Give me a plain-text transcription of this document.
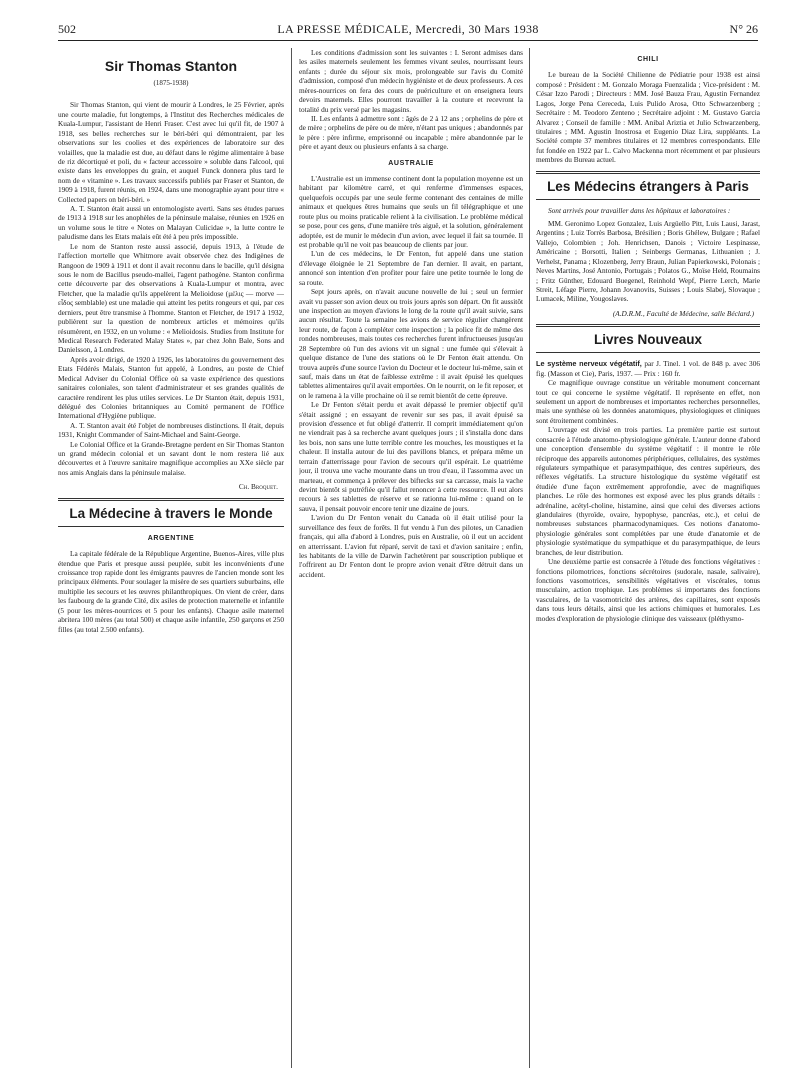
502	LA PRESSE MÉDICALE, Mercredi, 30 Mars 1938	N° 26
Sir Thomas Stanton
(1875-1938)

Sir Thomas Stanton, qui vient de mourir à Londres, le 25 Février, après une courte maladie, fut longtemps, à l'Institut des Recherches médicales de Kuala-Lumpur, l'assistant de Henri Fraser. C'est avec lui qu'il fit, de 1907 à 1918, ses belles recherches sur le béri-béri qui démontraient, par les observations sur les coolies et des expériences de laboratoire sur des volailles, que la maladie est due, au défaut dans le régime alimentaire à base de riz décortiqué et poli, du « facteur accessoire » soluble dans l'alcool, qui existe dans les enveloppes du grain, et auquel Funck donnera plus tard le nom de « vitamine ». Les travaux successifs publiés par Fraser et Stanton, de 1909 à 1918, furent réunis, en 1924, dans une monographie ayant pour titre « Collected papers on béri-béri. »

A. T. Stanton était aussi un entomologiste averti. Sans ses études parues de 1913 à 1918 sur les anophèles de la péninsule malaise, réunies en 1926 en un volume sous le titre « Notes on Malayan Culicidae », la lutte contre le paludisme dans les Etats malais eût été à peu près impossible.

Le nom de Stanton reste aussi associé, depuis 1913, à l'étude de l'affection mortelle que Whitmore avait observée chez des Indigènes de Rangoon de 1909 à 1911 et dont il avait reconnu dans le bacille, qu'il désigna sous le nom de Bacillus pseudo-mallei, l'agent pathogène. Stanton confirma cette découverte par des observations à Kuala-Lumpur et montra, avec Fletcher, que la maladie qu'ils appelèrent la Melioidose (μέλις — morve — εἶδος semblable) est une maladie qui atteint les petits rongeurs et qui, par ces derniers, peut être transmise à l'homme. Stanton et Fletcher, de 1917 à 1932, publièrent sur la question de nombreux articles et mémoires qu'ils résumèrent, en 1932, en un volume : « Melioidosis. Studies from Institute for Medical Research Federated Malay States », par chez John Bale, Sons and Danielsson, à Londres.

Après avoir dirigé, de 1920 à 1926, les laboratoires du gouvernement des Etats Fédérés Malais, Stanton fut appelé, à Londres, au poste de Chief Medical Adviser du Colonial Office où sa vaste expérience des questions sanitaires coloniales, son talent d'administrateur et ses grandes qualités de caractère rendirent les plus utiles services. Le Dr Stanton était, depuis 1931, délégué des Colonies britanniques au Comité permanent de l'Office International d'Hygiène publique.

A. T. Stanton avait été l'objet de nombreuses distinctions. Il était, depuis 1931, Knight Commander of Saint-Michael and Saint-George.

Le Colonial Office et la Grande-Bretagne perdent en Sir Thomas Stanton un grand médecin colonial et un savant dont le nom restera lié aux découvertes et à l'œuvre sanitaire magnifique accomplies au XXe siècle par nos amis Anglais dans la péninsule malaise.

Ch. Broquet.
La Médecine à travers le Monde
ARGENTINE

La capitale fédérale de la République Argentine, Buenos-Aires, ville plus étendue que Paris et presque aussi peuplée, subit les inconvénients d'une croissance trop rapide dont les émigrants pauvres de l'ancien monde sont les principaux éléments. Pour soulager la misère de ses quartiers suburbains, elle multiplie les secours et les œuvres philanthropiques. On vient de créer, dans les faubourg de la grande Cité, dix asiles de protection maternelle et infantile (5 pour les mères-nourrices et 5 pour les enfants). Chaque asile maternel abritera 100 mères (au total 500) et chaque asile infantile, 250 garçons et 250 filles (au total 2.500 enfants).

Les conditions d'admission sont les suivantes : I. Seront admises dans les asiles maternels seulement les femmes vivant seules, nourrissant leurs enfants ; durée du séjour six mois, prolongeable sur l'avis du Comité d'admission, composé d'un médecin hygiéniste et de deux professeurs. A ces mères-nourrices on fera des cours de puériculture et on enseignera leurs devoirs maternels. Elles pourront travailler à la couture et recevront la totalité du prix versé par les magasins.

II. Les enfants à admettre sont : âgés de 2 à 12 ans ; orphelins de père et de mère ; orphelins de père ou de mère, n'étant pas uniques ; abandonnés par le père : père infirme, emprisonné ou incapable ; mère abandonnée par le père et ayant deux ou plusieurs enfants à sa charge.

AUSTRALIE

L'Australie est un immense continent dont la population moyenne est un habitant par kilomètre carré, et qui renferme d'immenses espaces, quelquefois occupés par une seule ferme contenant des centaines de mille animaux et quelques êtres humains que seuls un fil télégraphique et une route plus ou moins praticable relient à la civilisation. Le problème médical se pose, pour ces gens, d'une manière très aiguë, et la solution, généralement adoptée, est de munir le médecin d'un avion, avec lequel il fait sa tournée. Il est probable qu'il ne voit pas beaucoup de clients par jour.

L'un de ces médecins, le Dr Fenton, fut appelé dans une station d'élevage éloignée le 21 Septembre de l'an dernier. Il avait, en partant, annoncé son intention d'en profiter pour faire une petite tournée le long de sa route.

Sept jours après, on n'avait aucune nouvelle de lui ; seul un fermier avait vu passer son avion deux ou trois jours après son départ. On fit aussitôt une inspection au moyen d'avions le long de la route qu'il avait suivie, sans aucun résultat. Toute la semaine les avions de service régulier changèrent leur route, de façon à compléter cette inspection ; la police fit de même des rondes nombreuses, mais toutes ces recherches furent infructueuses jusqu'au 28 Septembre où l'un des avions vit un signal : une fumée qui s'élevait à quelque distance de l'une des stations où le Dr Fenton était attendu. On trouva auprès d'une source l'avion du Docteur et le docteur lui-même, sain et sauf, mais dans un état de faiblesse extrême : il avait épuisé les quelques tablettes alimentaires qu'il avait emportées. On le nourrit, on le fit reposer, et on le ramena à la ville prochaine où il se remit bientôt de cette épreuve.

Le Dr Fenton s'était perdu et avait dépassé le premier objectif qu'il s'était assigné ; en essayant de revenir sur ses pas, il avait épuisé sa provision d'essence et fut obligé d'atterrir. Il comprit immédiatement qu'on ne viendrait pas à sa recherche avant quelques jours ; il s'installa donc dans les bois, non sans une lutte terrible contre les mouches, les moustiques et la chaleur. Il installa autour de lui des pavillons blancs, et prépara même un terrain d'atterrissage pour l'avion de secours qu'il espérait. Le quatrième jour, il trouva une vache mourante dans un trou d'eau, il l'assomma avec un marteau, et commença à prélever des biftecks sur sa carcasse, mais la vache devint bientôt si putréfiée qu'il fallut renoncer à cette ressource. Il eut alors recours à ses tablettes de réserve et se rationna lui-même : quand on le sauva, il pensait pouvoir encore tenir une dizaine de jours.

L'avion du Dr Fenton venait du Canada où il était utilisé pour la surveillance des feux de forêts. Il fut vendu à l'un des pilotes, un Canadien français, qui alla d'abord à Londres, puis en Australie, où il eut un accident en atterrissant. L'avion fut réparé, servit de taxi et d'avion sanitaire ; enfin, les habitants de la ville de Darwin l'achetèrent par souscription publique et l'offrirent au Dr Fenton dont le propre avion venait d'être détruit dans un accident.

CHILI

Le bureau de la Société Chilienne de Pédiatrie pour 1938 est ainsi composé : Président : M. Gonzalo Moraga Fuenzalida ; Vice-président : M. César Izzo Parodi ; Directeurs : MM. José Bauza Frau, Agustin Fernandez Lagos, Jorge Pena Cereceda, Luis Pulido Arosa, Otto Schwarzenberg ; Secrétaire : M. Teodoro Zenteno ; Secrétaire adjoint : M. Gustavo Garcia Alvarez ; Conseil de famille : MM. Anibal Ariztia et Julio Schwarzenberg, titulaires ; MM. Agustin Inostrosa et Eugenio Diaz Lira, suppléants. La Société compte 37 membres titulaires et 12 membres correspondants. Elle fut fondée en 1922 par L. Calvo Mackenna mort récemment et par plusieurs membres du Bureau actuel.

Les Médecins étrangers à Paris

Sont arrivés pour travailler dans les hôpitaux et laboratoires :

MM. Geronimo Lopez Gonzalez, Luis Argüello Pitt, Luis Lausi, Jarast, Argentins ; Luiz Torrès Barbosa, Brésilien ; Boris Ghélew, Bulgare ; Rafael Vallejo, Colombien ; Joh. Henrichsen, Danois ; Victoire Lespinasse, Américaine ; Borsotti, Italien ; Seinbergs Germanas, Lithuanien ; J. Verhelst, Panama ; Klozenberg, Jerry Braun, Julian Papierkowski, Polonais ; Neves Martins, José Antonio, Portugais ; Polatos G., Moïse Held, Roumains ; Fritz Günther, Edouard Buegenel, Reinhold Wepf, Pierre Lerch, Marie Streit, Léfage Pierre, Johann Jovanovits, Suisses ; Louis Slabej, Slovaque ; Lumacek, Miline, Yougoslaves.

(A.D.R.M., Faculté de Médecine, salle Béclard.)
Livres Nouveaux

Le système nerveux végétatif, par J. Tinel. 1 vol. de 848 p. avec 306 fig. (Masson et Cie), Paris, 1937. — Prix : 160 fr.

Ce magnifique ouvrage constitue un véritable monument concernant tout ce qui concerne le système végétatif. Il représente en effet, non seulement un apport de nombreuses et importantes recherches personnelles, mais une synthèse où les données anatomiques, physiologiques et cliniques sont étroitement combinées.

L'ouvrage est divisé en trois parties. La première partie est surtout consacrée à l'étude anatomo-physiologique générale. L'auteur donne d'abord une conception d'ensemble du système végétatif : il montre le rôle réciproque des appareils autonomes périphériques, cellulaires, des systèmes régulateurs sympathique et parasympathique, des centres supérieurs, des réflexes végétatifs. La structure histologique du système végétatif est étudiée d'une façon extrêmement approfondie, avec de magnifiques planches. Le rôle des hormones est exposé avec les plus grands détails : adrénaline, acétyl-choline, histamine, ainsi que celui des diverses actions glandulaires (thyroïde, ovaire, hypophyse, pancréas, etc.), et celui de nombreuses substances pharmacodynamiques. Ces notions d'anatomo-physiologie générales sont complétées par une étude d'anatomie et de physiologie systématique du sympathique et du parasympathique, de leurs branches, de leur distribution.

Une deuxième partie est consacrée à l'étude des fonctions végétatives : fonctions pilomotrices, fonctions sécrétoires (sudorale, nasale, salivaire), fonctions vasomotrices, sensibilités végétatives et viscérales, tonus musculaire, action trophique. Les problèmes si importants des fonctions vasculaires, de la vasomotricité des artères, des capillaires, sont exposés dans tous leurs détails, ainsi que les actions chimiques et humorales. Les modes d'exploration de physiologie clinique des vaisseaux (pléthysmo-
